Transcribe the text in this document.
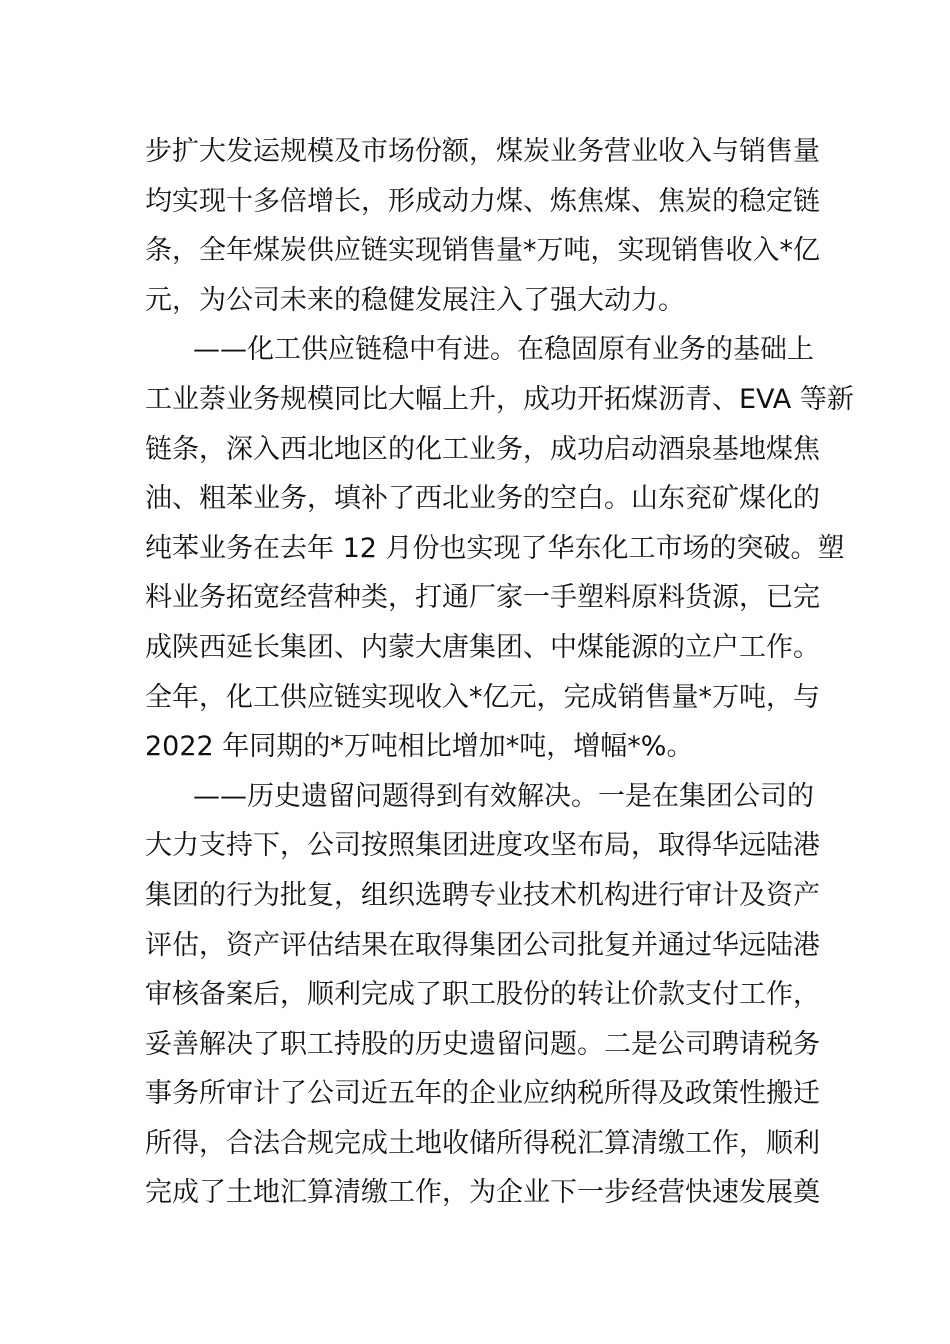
步扩大发运规模及市场份额，煤炭业务营业收入与销售量
均实现十多倍增长，形成动力煤、炼焦煤、焦炭的稳定链
条，全年煤炭供应链实现销售量*万吨，实现销售收入*亿
元，为公司未来的稳健发展注入了强大动力。
——化工供应链稳中有进。在稳固原有业务的基础上
工业萘业务规模同比大幅上升，成功开拓煤沥青、EVA 等新
链条，深入西北地区的化工业务，成功启动酒泉基地煤焦
油、粗苯业务，填补了西北业务的空白。山东兖矿煤化的
纯苯业务在去年 12 月份也实现了华东化工市场的突破。塑
料业务拓宽经营种类，打通厂家一手塑料原料货源，已完
成陕西延长集团、内蒙大唐集团、中煤能源的立户工作。
全年，化工供应链实现收入*亿元，完成销售量*万吨，与
2022 年同期的*万吨相比增加*吨，增幅*%。
——历史遗留问题得到有效解决。一是在集团公司的
大力支持下，公司按照集团进度攻坚布局，取得华远陆港
集团的行为批复，组织选聘专业技术机构进行审计及资产
评估，资产评估结果在取得集团公司批复并通过华远陆港
审核备案后，顺利完成了职工股份的转让价款支付工作，
妥善解决了职工持股的历史遗留问题。二是公司聘请税务
事务所审计了公司近五年的企业应纳税所得及政策性搬迁
所得，合法合规完成土地收储所得税汇算清缴工作，顺利
完成了土地汇算清缴工作，为企业下一步经营快速发展奠
